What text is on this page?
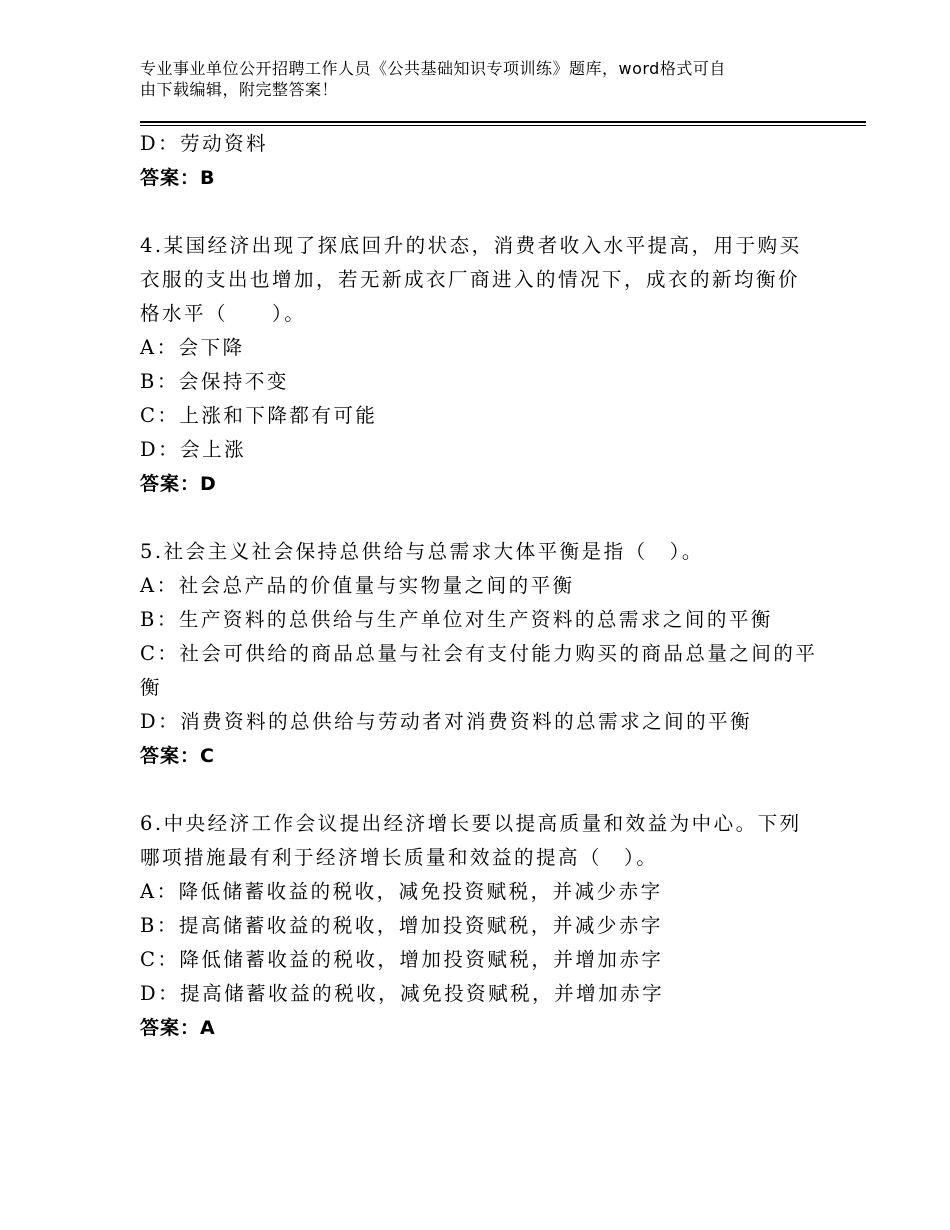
专业事业单位公开招聘工作人员《公共基础知识专项训练》题库，word格式可自
由下载编辑，附完整答案！
D：劳动资料
答案：B
4.某国经济出现了探底回升的状态，消费者收入水平提高，用于购买
衣服的支出也增加，若无新成衣厂商进入的情况下，成衣的新均衡价
格水平（　　）。
A：会下降
B：会保持不变
C：上涨和下降都有可能
D：会上涨
答案：D
5.社会主义社会保持总供给与总需求大体平衡是指（　）。
A：社会总产品的价值量与实物量之间的平衡
B：生产资料的总供给与生产单位对生产资料的总需求之间的平衡
C：社会可供给的商品总量与社会有支付能力购买的商品总量之间的平
衡
D：消费资料的总供给与劳动者对消费资料的总需求之间的平衡
答案：C
6.中央经济工作会议提出经济增长要以提高质量和效益为中心。下列
哪项措施最有利于经济增长质量和效益的提高（　）。
A：降低储蓄收益的税收，减免投资赋税，并减少赤字
B：提高储蓄收益的税收，增加投资赋税，并减少赤字
C：降低储蓄收益的税收，增加投资赋税，并增加赤字
D：提高储蓄收益的税收，减免投资赋税，并增加赤字
答案：A
